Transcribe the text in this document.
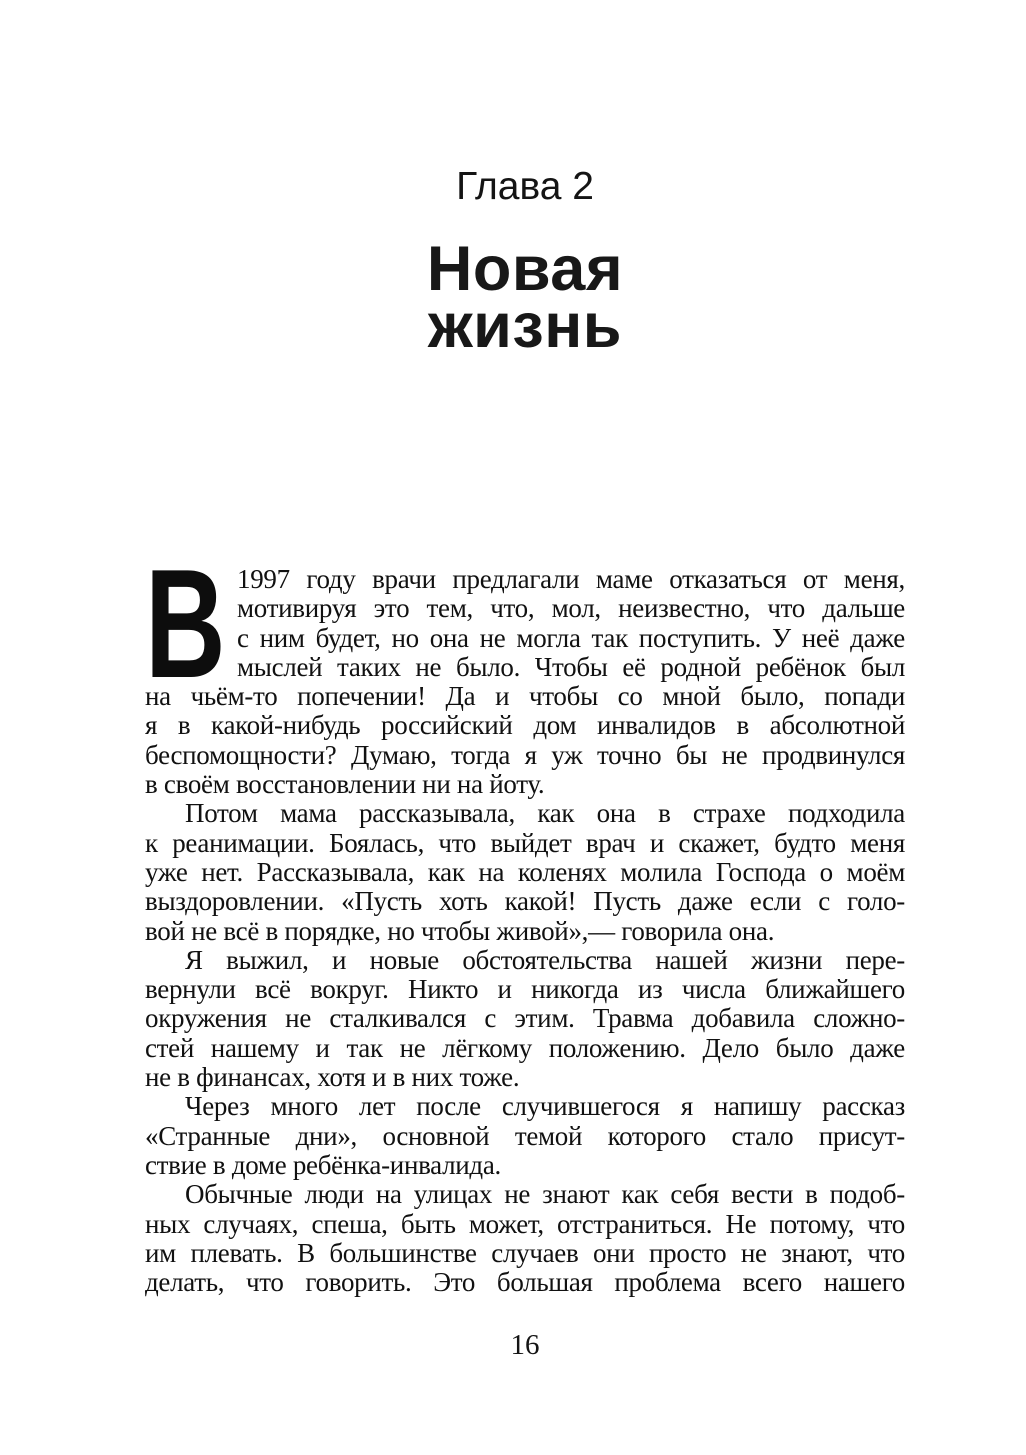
Глава 2
Новая
жизнь
В 1997 году врачи предлагали маме отказаться от меня,
мотивируя это тем, что, мол, неизвестно, что дальше
с ним будет, но она не могла так поступить. У неё даже
мыслей таких не было. Чтобы её родной ребёнок был
на чьём-то попечении! Да и чтобы со мной было, попади
я в какой-нибудь российский дом инвалидов в абсолютной
беспомощности? Думаю, тогда я уж точно бы не продвинулся
в своём восстановлении ни на йоту.
Потом мама рассказывала, как она в страхе подходила
к реанимации. Боялась, что выйдет врач и скажет, будто меня
уже нет. Рассказывала, как на коленях молила Господа о моём
выздоровлении. «Пусть хоть какой! Пусть даже если с голо-
вой не всё в порядке, но чтобы живой»,— говорила она.
Я выжил, и новые обстоятельства нашей жизни пере-
вернули всё вокруг. Никто и никогда из числа ближайшего
окружения не сталкивался с этим. Травма добавила сложно-
стей нашему и так не лёгкому положению. Дело было даже
не в финансах, хотя и в них тоже.
Через много лет после случившегося я напишу рассказ
«Странные дни», основной темой которого стало присут-
ствие в доме ребёнка-инвалида.
Обычные люди на улицах не знают как себя вести в подоб-
ных случаях, спеша, быть может, отстраниться. Не потому, что
им плевать. В большинстве случаев они просто не знают, что
делать, что говорить. Это большая проблема всего нашего
16
